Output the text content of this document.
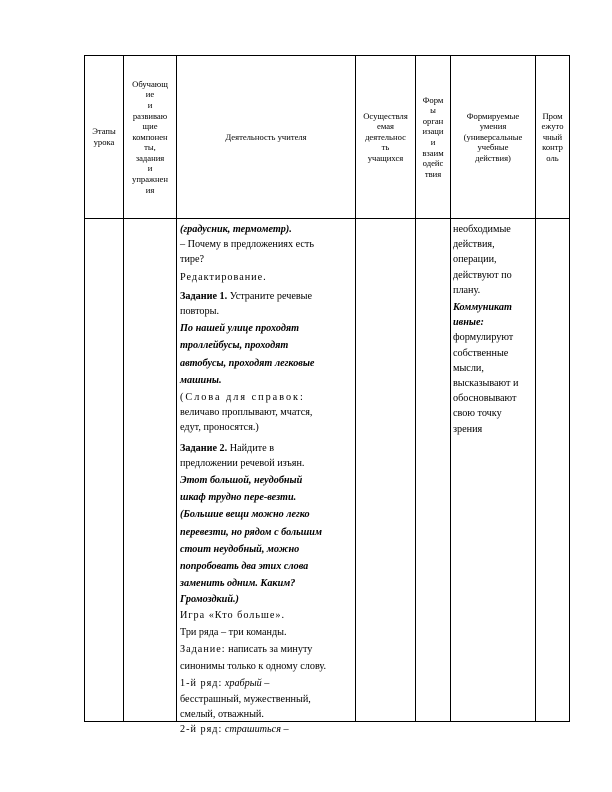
Этапы урока
Обучающ
ие
и
развиваю
щие
компонен
ты,
задания
и
упражнен
ия
Деятельность учителя
Осуществля
емая
деятельнос
ть
учащихся
Форм
ы
орган
изаци
и
взаим
одейс
твия
Формируемые
умения
(универсальные
учебные
действия)
Пром
ежуто
чный
контр
оль

(градусник, термометр).

– Почему в предложениях есть

тире?

Редактирование.

Задание 1. Устраните речевые

повторы.

По нашей улице проходят

троллейбусы, проходят

автобусы, проходят легковые

машины.

(Слова для справок:

величаво проплывают, мчатся,

едут, проносятся.)

Задание 2. Найдите в

предложении речевой изъян.

Этот большой, неудобный

шкаф трудно пере-везти.

(Большие вещи можно легко

перевезти, но рядом с большим

стоит неудобный, можно

попробовать два этих слова

заменить одним. Каким?

Громоздкий.)

Игра «Кто больше».

Три ряда – три команды.

Задание: написать за минуту

синонимы только к одному слову.

1-й ряд: храбрый –

бесстрашный, мужественный,

смелый, отважный.

2-й ряд: страшиться –

необходимые

действия,

операции,

действуют по

плану.

Коммуникат

ивные:

формулируют

собственные

мысли,

высказывают и

обосновывают

свою точку

зрения
